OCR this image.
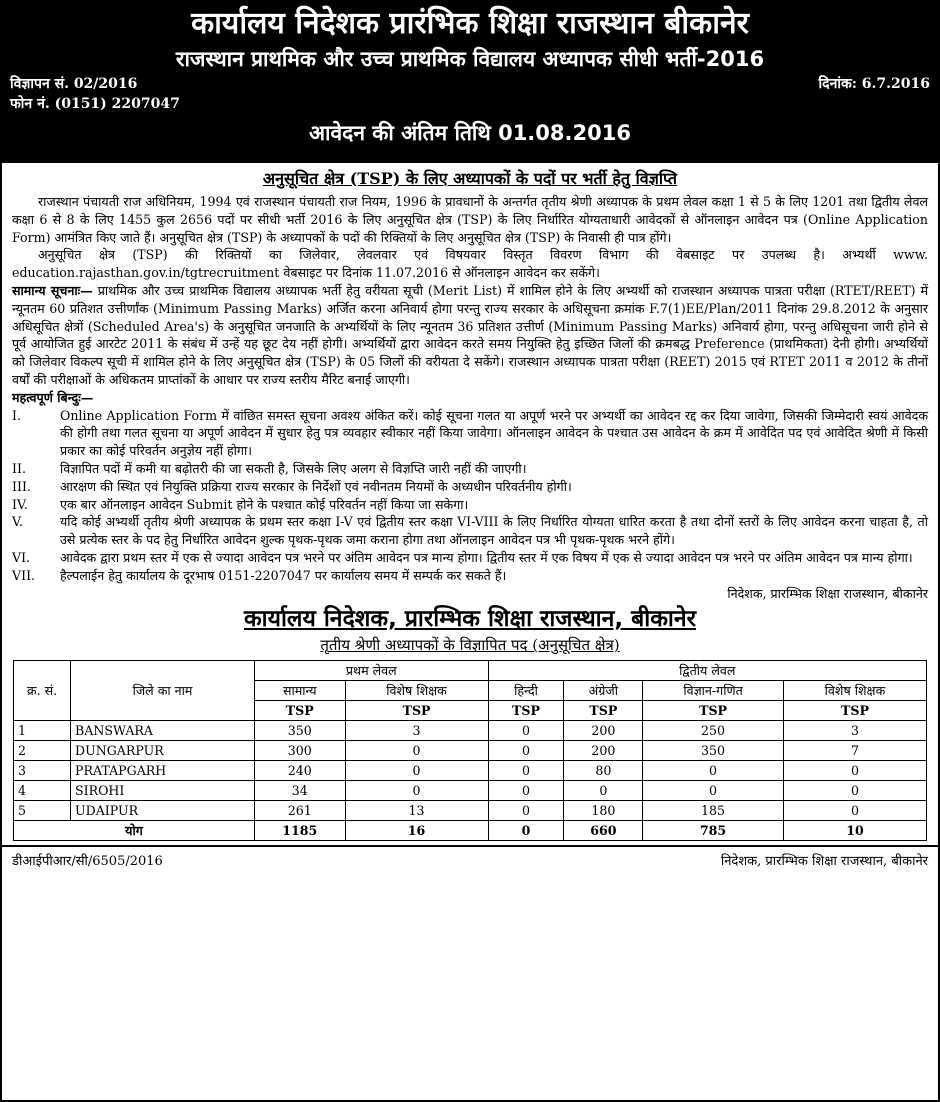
कार्यालय निदेशक प्रारंभिक शिक्षा राजस्थान बीकानेर
राजस्थान प्राथमिक और उच्च प्राथमिक विद्यालय अध्यापक सीधी भर्ती-2016
विज्ञापन सं. 02/2016	दिनांक: 6.7.2016
फोन नं. (0151) 2207047
आवेदन की अंतिम तिथि 01.08.2016
अनुसूचित क्षेत्र (TSP) के लिए अध्यापकों के पदों पर भर्ती हेतु विज्ञप्ति

राजस्थान पंचायती राज अधिनियम, 1994 एवं राजस्थान पंचायती राज नियम, 1996 के प्रावधानों के अन्तर्गत तृतीय श्रेणी अध्यापक के प्रथम लेवल कक्षा 1 से 5 के लिए 1201 तथा द्वितीय लेवल कक्षा 6 से 8 के लिए 1455 कुल 2656 पदों पर सीधी भर्ती 2016 के लिए अनुसूचित क्षेत्र (TSP) के लिए निर्धारित योग्यताधारी आवेदकों से ऑनलाइन आवेदन पत्र (Online Application Form) आमंत्रित किए जाते हैं। अनुसूचित क्षेत्र (TSP) के अध्यापकों के पदों की रिक्तियों के लिए अनुसूचित क्षेत्र (TSP) के निवासी ही पात्र होंगे।

अनुसूचित क्षेत्र (TSP) की रिक्तियों का जिलेवार, लेवलवार एवं विषयवार विस्तृत विवरण विभाग की वेबसाइट पर उपलब्ध है। अभ्यर्थी www. education.rajasthan.gov.in/tgtrecruitment वेबसाइट पर दिनांक 11.07.2016 से ऑनलाइन आवेदन कर सकेंगे।

सामान्य सूचनाः— प्राथमिक और उच्च प्राथमिक विद्यालय अध्यापक भर्ती हेतु वरीयता सूची (Merit List) में शामिल होने के लिए अभ्यर्थी को राजस्थान अध्यापक पात्रता परीक्षा (RTET/REET) में न्यूनतम 60 प्रतिशत उत्तीर्णांक (Minimum Passing Marks) अर्जित करना अनिवार्य होगा परन्तु राज्य सरकार के अधिसूचना क्रमांक F.7(1)EE/Plan/2011 दिनांक 29.8.2012 के अनुसार अधिसूचित क्षेत्रों (Scheduled Area's) के अनुसूचित जनजाति के अभ्यर्थियों के लिए न्यूनतम 36 प्रतिशत उत्तीर्ण (Minimum Passing Marks) अनिवार्य होगा, परन्तु अधिसूचना जारी होने से पूर्व आयोजित हुई आरटेट 2011 के संबंध में उन्हें यह छूट देय नहीं होगी। अभ्यर्थियों द्वारा आवेदन करते समय नियुक्ति हेतु इच्छित जिलों की क्रमबद्ध Preference (प्राथमिकता) देनी होगी। अभ्यर्थियों को जिलेवार विकल्प सूची में शामिल होने के लिए अनुसूचित क्षेत्र (TSP) के 05 जिलों की वरीयता दे सकेंगे। राजस्थान अध्यापक पात्रता परीक्षा (REET) 2015 एवं RTET 2011 व 2012 के तीनों वर्षों की परीक्षाओं के अधिकतम प्राप्तांकों के आधार पर राज्य स्तरीय मैरिट बनाई जाएगी।

महत्वपूर्ण बिन्दुः—

I.	Online Application Form में वांछित समस्त सूचना अवश्य अंकित करें। कोई सूचना गलत या अपूर्ण भरने पर अभ्यर्थी का आवेदन रद्द कर दिया जावेगा, जिसकी जिम्मेदारी स्वयं आवेदक की होगी तथा गलत सूचना या अपूर्ण आवेदन में सुधार हेतु पत्र व्यवहार स्वीकार नहीं किया जावेगा। ऑनलाइन आवेदन के पश्चात उस आवेदन के क्रम में आवेदित पद एवं आवेदित श्रेणी में किसी प्रकार का कोई परिवर्तन अनुज्ञेय नहीं होगा।
II.	विज्ञापित पदों में कमी या बढ़ोतरी की जा सकती है, जिसके लिए अलग से विज्ञप्ति जारी नहीं की जाएगी।
III.	आरक्षण की स्थित एवं नियुक्ति प्रक्रिया राज्य सरकार के निर्देशों एवं नवीनतम नियमों के अध्यधीन परिवर्तनीय होगी।
IV.	एक बार ऑनलाइन आवेदन Submit होने के पश्चात कोई परिवर्तन नहीं किया जा सकेगा।
V.	यदि कोई अभ्यर्थी तृतीय श्रेणी अध्यापक के प्रथम स्तर कक्षा I-V एवं द्वितीय स्तर कक्षा VI-VIII के लिए निर्धारित योग्यता धारित करता है तथा दोनों स्तरों के लिए आवेदन करना चाहता है, तो उसे प्रत्येक स्तर के पद हेतु निर्धारित आवेदन शुल्क पृथक-पृथक जमा कराना होगा तथा ऑनलाइन आवेदन पत्र भी पृथक-पृथक भरने होंगे।
VI.	आवेदक द्वारा प्रथम स्तर में एक से ज्यादा आवेदन पत्र भरने पर अंतिम आवेदन पत्र मान्य होगा। द्वितीय स्तर में एक विषय में एक से ज्यादा आवेदन पत्र भरने पर अंतिम आवेदन पत्र मान्य होगा।
VII.	हैल्पलाईन हेतु कार्यालय के दूरभाष 0151-2207047 पर कार्यालय समय में सम्पर्क कर सकते हैं।

निदेशक, प्रारम्भिक शिक्षा राजस्थान, बीकानेर

कार्यालय निदेशक, प्रारम्भिक शिक्षा राजस्थान, बीकानेर
तृतीय श्रेणी अध्यापकों के विज्ञापित पद (अनुसूचित क्षेत्र)
क्र. सं.	जिले का नाम	प्रथम लेवल		द्वितीय लेवल			
		सामान्य	विशेष शिक्षक	हिन्दी	अंग्रेजी	विज्ञान-गणित	विशेष शिक्षक
		TSP	TSP	TSP	TSP	TSP	TSP
1	BANSWARA	350	3	0	200	250	3
2	DUNGARPUR	300	0	0	200	350	7
3	PRATAPGARH	240	0	0	80	0	0
4	SIROHI	34	0	0	0	0	0
5	UDAIPUR	261	13	0	180	185	0
योग		1185	16	0	660	785	10
डीआईपीआर/सी/6505/2016	निदेशक, प्रारम्भिक शिक्षा राजस्थान, बीकानेर
